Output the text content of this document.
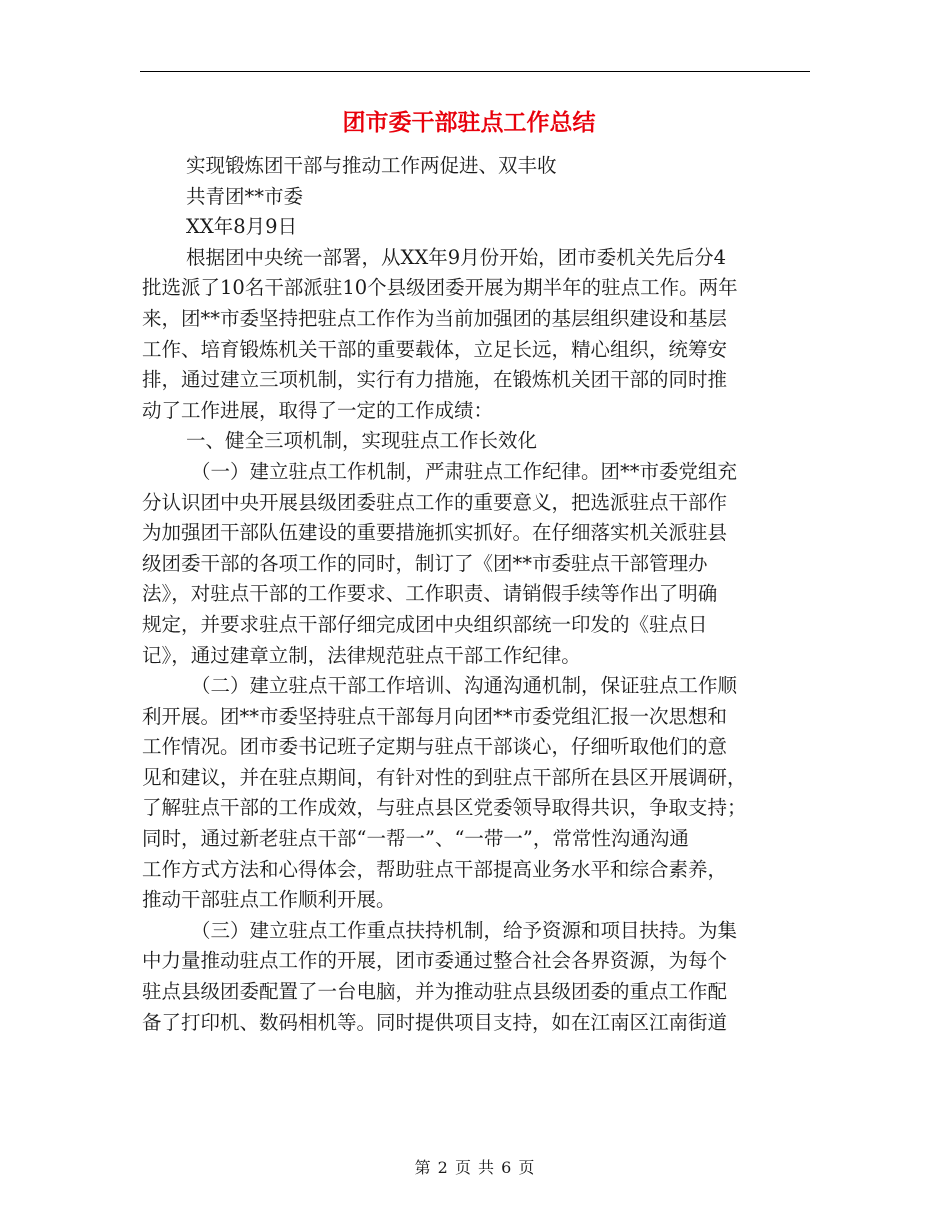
团市委干部驻点工作总结
实现锻炼团干部与推动工作两促进、双丰收
共青团**市委
XX年8月9日
根据团中央统一部署，从XX年9月份开始，团市委机关先后分4
批选派了10名干部派驻10个县级团委开展为期半年的驻点工作。两年
来，团**市委坚持把驻点工作作为当前加强团的基层组织建设和基层
工作、培育锻炼机关干部的重要载体，立足长远，精心组织，统筹安
排，通过建立三项机制，实行有力措施，在锻炼机关团干部的同时推
动了工作进展，取得了一定的工作成绩：
一、健全三项机制，实现驻点工作长效化
（一）建立驻点工作机制，严肃驻点工作纪律。团**市委党组充
分认识团中央开展县级团委驻点工作的重要意义，把选派驻点干部作
为加强团干部队伍建设的重要措施抓实抓好。在仔细落实机关派驻县
级团委干部的各项工作的同时，制订了《团**市委驻点干部管理办
法》，对驻点干部的工作要求、工作职责、请销假手续等作出了明确
规定，并要求驻点干部仔细完成团中央组织部统一印发的《驻点日
记》，通过建章立制，法律规范驻点干部工作纪律。
（二）建立驻点干部工作培训、沟通沟通机制，保证驻点工作顺
利开展。团**市委坚持驻点干部每月向团**市委党组汇报一次思想和
工作情况。团市委书记班子定期与驻点干部谈心，仔细听取他们的意
见和建议，并在驻点期间，有针对性的到驻点干部所在县区开展调研，
了解驻点干部的工作成效，与驻点县区党委领导取得共识，争取支持；
同时，通过新老驻点干部“一帮一”、“一带一”，常常性沟通沟通
工作方式方法和心得体会，帮助驻点干部提高业务水平和综合素养，
推动干部驻点工作顺利开展。
（三）建立驻点工作重点扶持机制，给予资源和项目扶持。为集
中力量推动驻点工作的开展，团市委通过整合社会各界资源，为每个
驻点县级团委配置了一台电脑，并为推动驻点县级团委的重点工作配
备了打印机、数码相机等。同时提供项目支持，如在江南区江南街道
第 2 页 共 6 页
